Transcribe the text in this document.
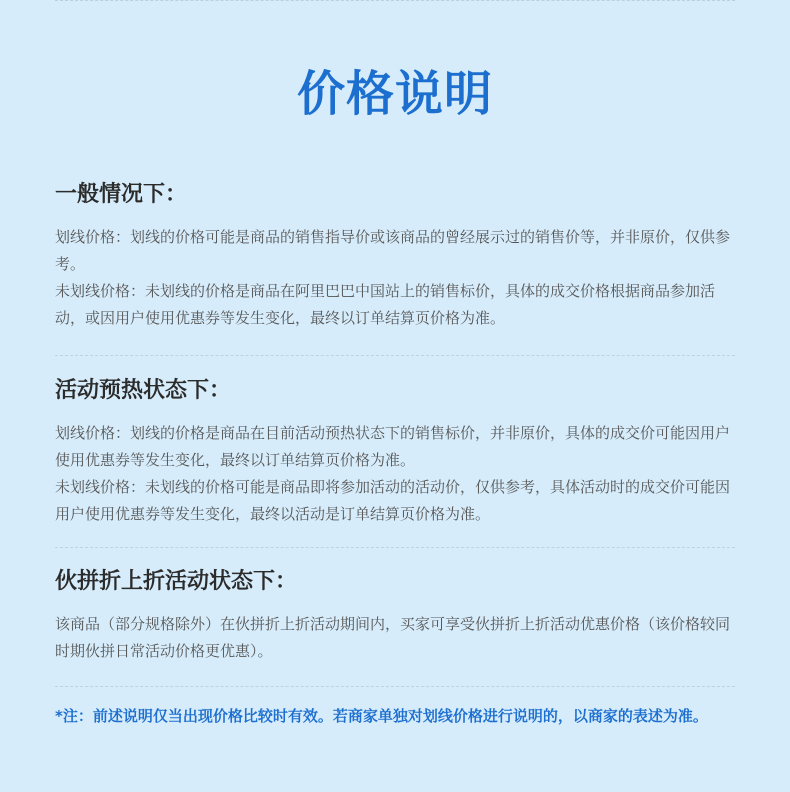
价格说明
一般情况下：

划线价格：划线的价格可能是商品的销售指导价或该商品的曾经展示过的销售价等，并非原价，仅供参考。

未划线价格：未划线的价格是商品在阿里巴巴中国站上的销售标价，具体的成交价格根据商品参加活动，或因用户使用优惠券等发生变化，最终以订单结算页价格为准。

活动预热状态下：

划线价格：划线的价格是商品在目前活动预热状态下的销售标价，并非原价，具体的成交价可能因用户使用优惠券等发生变化，最终以订单结算页价格为准。

未划线价格：未划线的价格可能是商品即将参加活动的活动价，仅供参考，具体活动时的成交价可能因用户使用优惠券等发生变化，最终以活动是订单结算页价格为准。

伙拼折上折活动状态下：

该商品（部分规格除外）在伙拼折上折活动期间内，买家可享受伙拼折上折活动优惠价格（该价格较同时期伙拼日常活动价格更优惠）。

*注：前述说明仅当出现价格比较时有效。若商家单独对划线价格进行说明的，以商家的表述为准。
